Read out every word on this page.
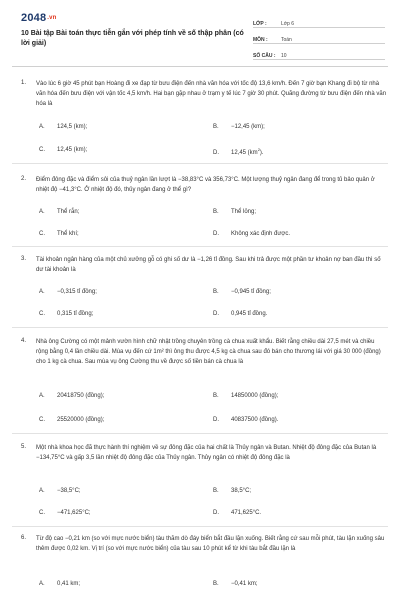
2048.vn
10 Bài tập Bài toán thực tiễn gắn với phép tính về số thập phân (có lời giải)
LỚP :	Lớp 6
MÔN :	Toán
SỐ CÂU :	10
1. Vào lúc 6 giờ 45 phút bạn Hoàng đi xe đạp từ bưu điện đến nhà văn hóa với tốc độ 13,6 km/h. Đến 7 giờ bạn Khang đi bộ từ nhà văn hóa đến bưu điện với vận tốc 4,5 km/h. Hai bạn gặp nhau ở trạm y tế lúc 7 giờ 30 phút. Quãng đường từ bưu điện đến nhà văn hóa là
A. 124,5 (km);	B. −12,45 (km);
C. 12,45 (km);	D. 12,45 $(km^2)$.
2. Điểm đông đặc và điểm sôi của thuỷ ngân lần lượt là −38,83°C và 356,73°C. Một lượng thuỷ ngân đang để trong tủ bảo quản ở nhiệt độ −41,3°C. Ở nhiệt độ đó, thủy ngân đang ở thể gì?
A. Thể rắn;	B. Thể lỏng;
C. Thể khí;	D. Không xác định được.
3. Tài khoản ngân hàng của một chủ xưởng gỗ có ghi số dư là −1,26 tỉ đồng. Sau khi trả được một phần tư khoản nợ ban đầu thì số dư tài khoản là
A. −0,315 tỉ đồng;	B. −0,945 tỉ đồng;
C. 0,315 tỉ đồng;	D. 0,945 tỉ đồng.
4. Nhà ông Cường có một mảnh vườn hình chữ nhật trồng chuyên trồng cà chua xuất khẩu. Biết rằng chiều dài 27,5 mét và chiều rộng bằng 0,4 lần chiều dài. Mùa vụ đến cứ 1m² thì ông thu được 4,5 kg cà chua sau đó bán cho thương lái với giá 30 000 (đồng) cho 1 kg cà chua. Sau mùa vụ ông Cường thu về được số tiền bán cà chua là
A. 20418750 (đồng);	B. 14850000 (đồng);
C. 25520000 (đồng);	D. 40837500 (đồng).
5. Một nhà khoa học đã thực hành thí nghiệm về sự đông đặc của hai chất là Thủy ngân và Butan. Nhiệt độ đông đặc của Butan là −134,75°C và gấp 3,5 lần nhiệt độ đông đặc của Thủy ngân. Thủy ngân có nhiệt độ đông đặc là
A. −38,5°C;	B. 38,5°C;
C. −471,625°C;	D. 471,625°C.
6. Từ độ cao −0,21 km (so với mực nước biển) tàu thăm dò đáy biển bắt đầu lặn xuống. Biết rằng cứ sau mỗi phút, tàu lặn xuống sâu thêm được 0,02 km. Vị trí (so với mực nước biển) của tàu sau 10 phút kể từ khi tàu bắt đầu lặn là
A. 0,41 km;	B. −0,41 km;
